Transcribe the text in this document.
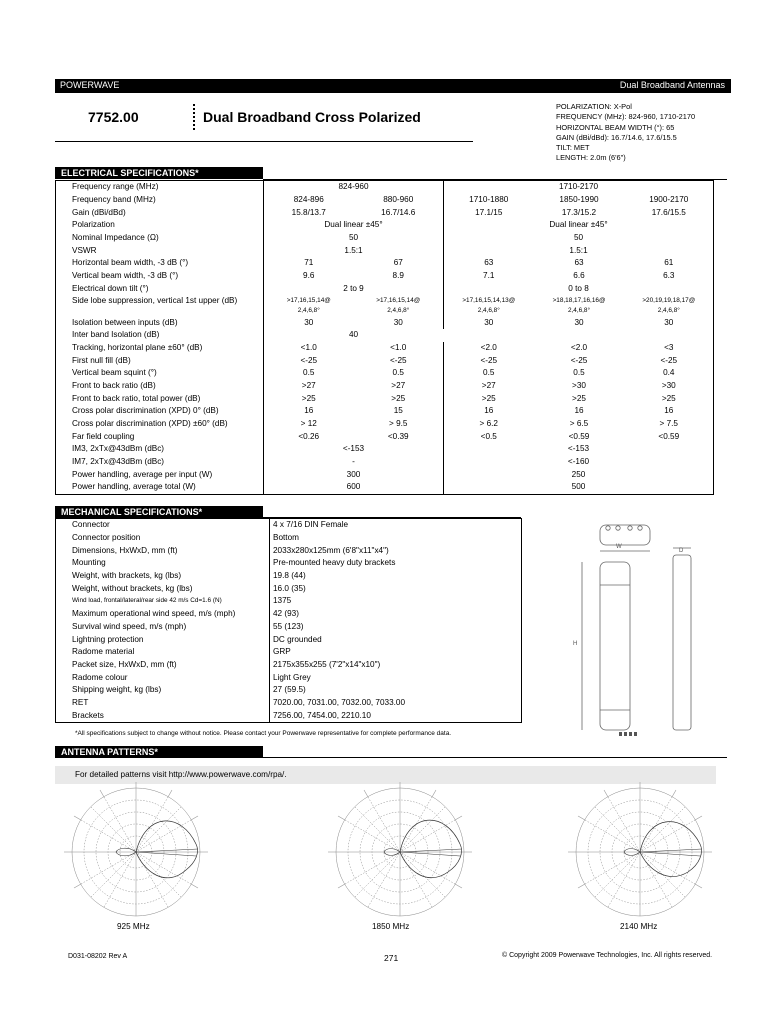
POWERWAVE	Dual Broadband Antennas
7752.00	Dual Broadband Cross Polarized
POLARIZATION: X-Pol
FREQUENCY (MHz): 824-960, 1710-2170
HORIZONTAL BEAM WIDTH (°): 65
GAIN (dBi/dBd): 16.7/14.6, 17.6/15.5
TILT: MET
LENGTH: 2.0m (6'6")
ELECTRICAL SPECIFICATIONS*
Frequency range (MHz)	824-960		1710-2170		
Frequency band (MHz)	824-896	880-960	1710-1880	1850-1990	1900-2170
Gain (dBi/dBd)	15.8/13.7	16.7/14.6	17.1/15	17.3/15.2	17.6/15.5
Polarization	Dual linear ±45°		Dual linear ±45°		
Nominal Impedance (Ω)	50		50		
VSWR	1.5:1		1.5:1		
Horizontal beam width, -3 dB (°)	71	67	63	63	61
Vertical beam width, -3 dB (°)	9.6	8.9	7.1	6.6	6.3
Electrical down tilt (°)	2 to 9		0 to 8		
Side lobe suppression, vertical 1st upper (dB)	>17,16,15,14@	>17,16,15,14@	>17,16,15,14,13@	>18,18,17,16,16@	>20,19,19,18,17@
	2,4,6,8°	2,4,6,8°	2,4,6,8°	2,4,6,8°	2,4,6,8°
Isolation between inputs (dB)	30	30	30	30	30
Inter band Isolation (dB)	40				
Tracking, horizontal plane ±60° (dB)	<1.0	<1.0	<2.0	<2.0	<3
First null fill (dB)	<-25	<-25	<-25	<-25	<-25
Vertical beam squint (°)	0.5	0.5	0.5	0.5	0.4
Front to back ratio (dB)	>27	>27	>27	>30	>30
Front to back ratio, total power (dB)	>25	>25	>25	>25	>25
Cross polar discrimination (XPD) 0° (dB)	16	15	16	16	16
Cross polar discrimination (XPD) ±60° (dB)	> 12	> 9.5	> 6.2	> 6.5	> 7.5
Far field coupling	<0.26	<0.39	<0.5	<0.59	<0.59
IM3, 2xTx@43dBm (dBc)	<-153		<-153		
IM7, 2xTx@43dBm (dBc)	-		<-160		
Power handling, average per input (W)	300		250		
Power handling, average total (W)	600		500		
MECHANICAL SPECIFICATIONS*
Connector	4 x 7/16 DIN Female
Connector position	Bottom
Dimensions, HxWxD, mm (ft)	2033x280x125mm (6'8"x11"x4")
Mounting	Pre-mounted heavy duty brackets
Weight, with brackets, kg (lbs)	19.8 (44)
Weight, without brackets, kg (lbs)	16.0 (35)
Wind load, frontal/lateral/rear side 42 m/s Cd=1.6 (N)	1375
Maximum operational wind speed, m/s (mph)	42 (93)
Survival wind speed, m/s (mph)	55 (123)
Lightning protection	DC grounded
Radome material	GRP
Packet size, HxWxD, mm (ft)	2175x355x255 (7'2"x14"x10")
Radome colour	Light Grey
Shipping weight, kg (lbs)	27 (59.5)
RET	7020.00, 7031.00, 7032.00, 7033.00
Brackets	7256.00, 7454.00, 2210.10
*All specifications subject to change without notice. Please contact your Powerwave representative for complete performance data.
W
D
H
ANTENNA PATTERNS*
For detailed patterns visit http://www.powerwave.com/rpa/.
925 MHz	1850 MHz	2140 MHz
D031-08202 Rev A	271	© Copyright 2009 Powerwave Technologies, Inc. All rights reserved.
